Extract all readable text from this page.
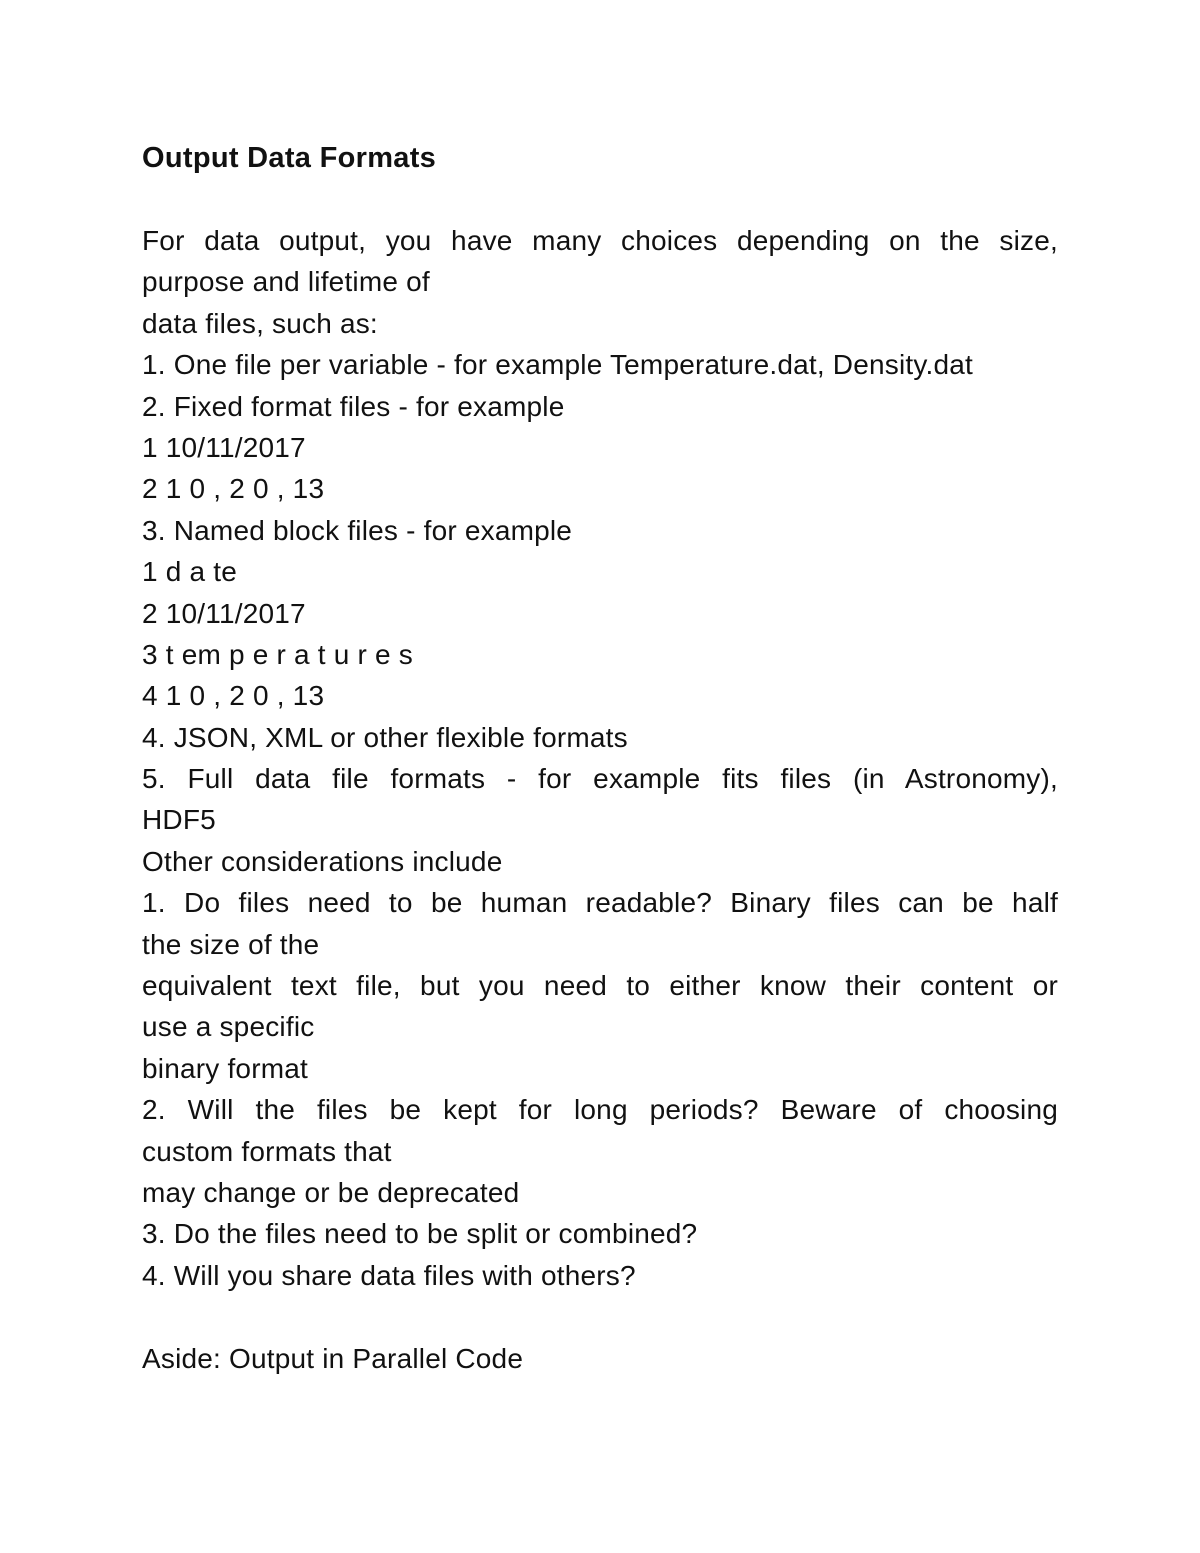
Output Data Formats
For data output, you have many choices depending on the size,
purpose and lifetime of
data files, such as:
1. One file per variable - for example Temperature.dat, Density.dat
2. Fixed format files - for example
1 10/11/2017
2 1 0 , 2 0 , 13
3. Named block files - for example
1 d a te
2 10/11/2017
3 t em p e r a t u r e s
4 1 0 , 2 0 , 13
4. JSON, XML or other flexible formats
5. Full data file formats - for example fits files (in Astronomy),
HDF5
Other considerations include
1. Do files need to be human readable? Binary files can be half
the size of the
equivalent text file, but you need to either know their content or
use a specific
binary format
2. Will the files be kept for long periods? Beware of choosing
custom formats that
may change or be deprecated
3. Do the files need to be split or combined?
4. Will you share data files with others?
Aside: Output in Parallel Code
